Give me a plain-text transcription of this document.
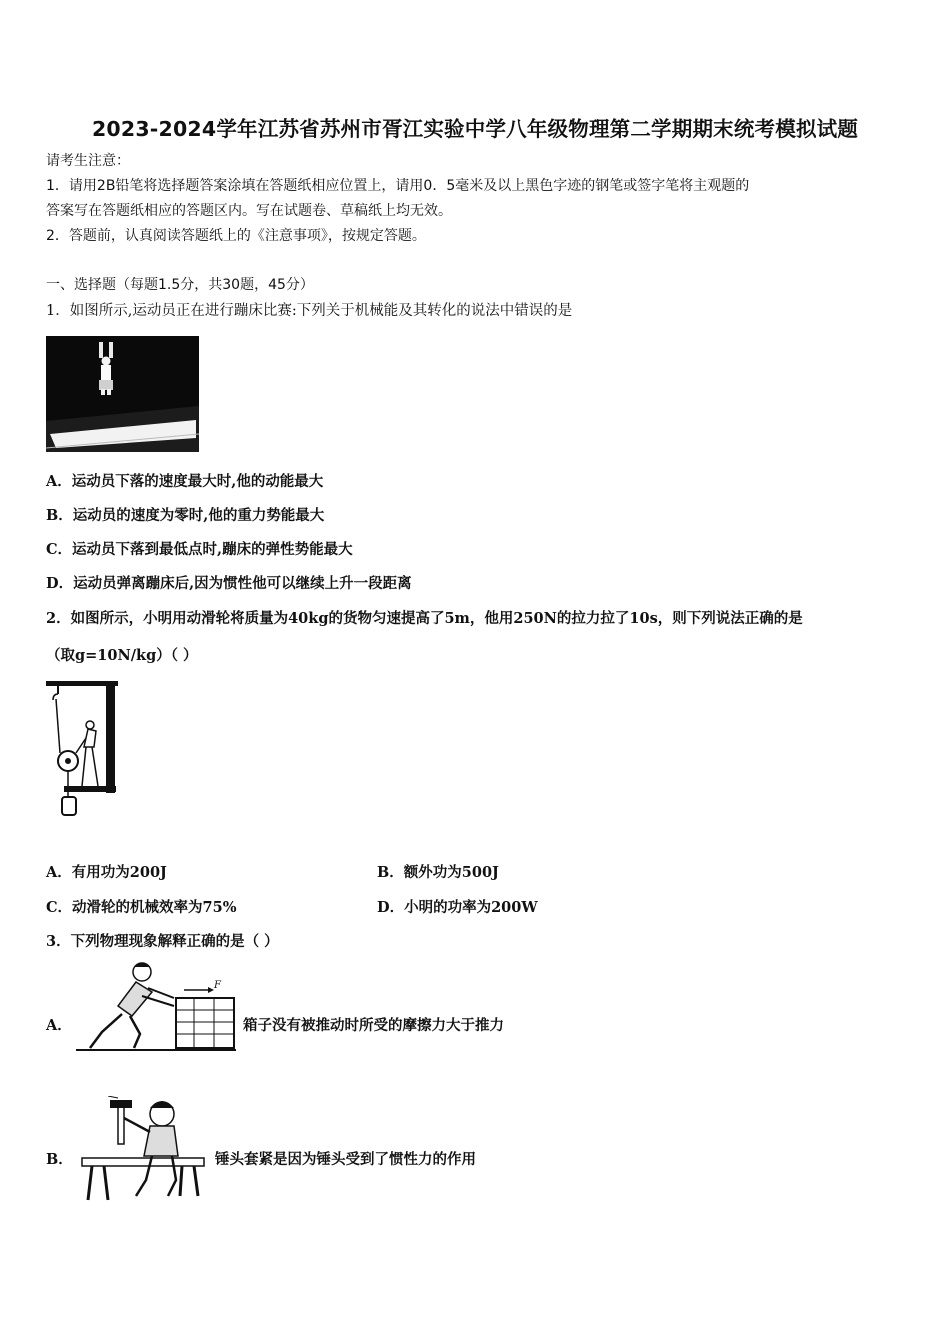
2023-2024学年江苏省苏州市胥江实验中学八年级物理第二学期期末统考模拟试题
请考生注意：
1．请用2B铅笔将选择题答案涂填在答题纸相应位置上，请用0．5毫米及以上黑色字迹的钢笔或签字笔将主观题的
答案写在答题纸相应的答题区内。写在试题卷、草稿纸上均无效。
2．答题前，认真阅读答题纸上的《注意事项》，按规定答题。
一、选择题（每题1.5分，共30题，45分）
1．如图所示,运动员正在进行蹦床比赛:下列关于机械能及其转化的说法中错误的是
A．运动员下落的速度最大时,他的动能最大
B．运动员的速度为零时,他的重力势能最大
C．运动员下落到最低点时,蹦床的弹性势能最大
D．运动员弹离蹦床后,因为惯性他可以继续上升一段距离
2．如图所示，小明用动滑轮将质量为40kg的货物匀速提高了5m，他用250N的拉力拉了10s，则下列说法正确的是
（取g=10N/kg）（ ）
A．有用功为200J	B．额外功为500J
C．动滑轮的机械效率为75%	D．小明的功率为200W
3．下列物理现象解释正确的是（ ）
A．
F
箱子没有被推动时所受的摩擦力大于推力
B．	锤头套紧是因为锤头受到了惯性力的作用
